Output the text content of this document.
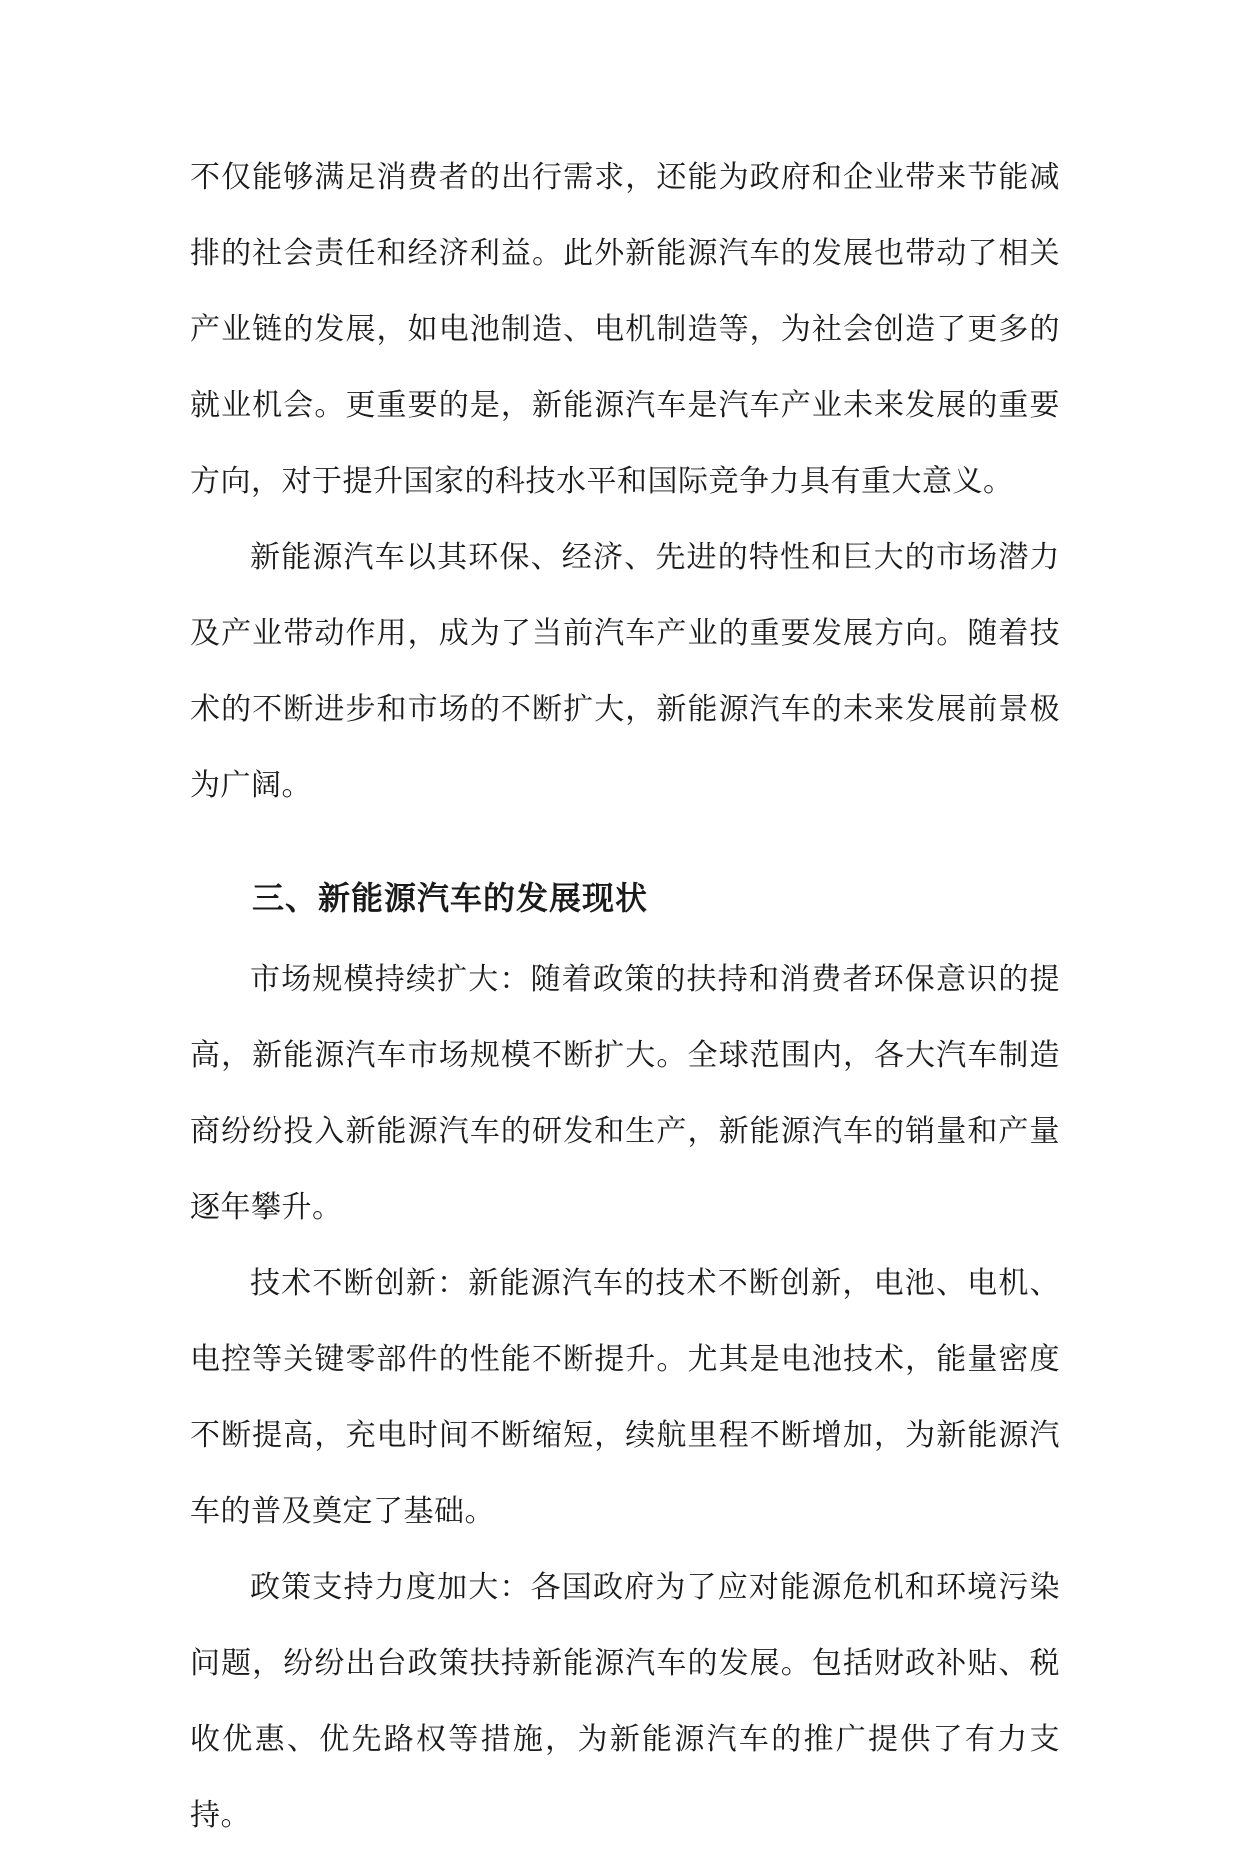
不仅能够满足消费者的出行需求，还能为政府和企业带来节能减排的社会责任和经济利益。此外新能源汽车的发展也带动了相关产业链的发展，如电池制造、电机制造等，为社会创造了更多的就业机会。更重要的是，新能源汽车是汽车产业未来发展的重要方向，对于提升国家的科技水平和国际竞争力具有重大意义。

新能源汽车以其环保、经济、先进的特性和巨大的市场潜力及产业带动作用，成为了当前汽车产业的重要发展方向。随着技术的不断进步和市场的不断扩大，新能源汽车的未来发展前景极为广阔。

三、新能源汽车的发展现状

市场规模持续扩大：随着政策的扶持和消费者环保意识的提高，新能源汽车市场规模不断扩大。全球范围内，各大汽车制造商纷纷投入新能源汽车的研发和生产，新能源汽车的销量和产量逐年攀升。

技术不断创新：新能源汽车的技术不断创新，电池、电机、电控等关键零部件的性能不断提升。尤其是电池技术，能量密度不断提高，充电时间不断缩短，续航里程不断增加，为新能源汽车的普及奠定了基础。

政策支持力度加大：各国政府为了应对能源危机和环境污染问题，纷纷出台政策扶持新能源汽车的发展。包括财政补贴、税收优惠、优先路权等措施，为新能源汽车的推广提供了有力支持。
